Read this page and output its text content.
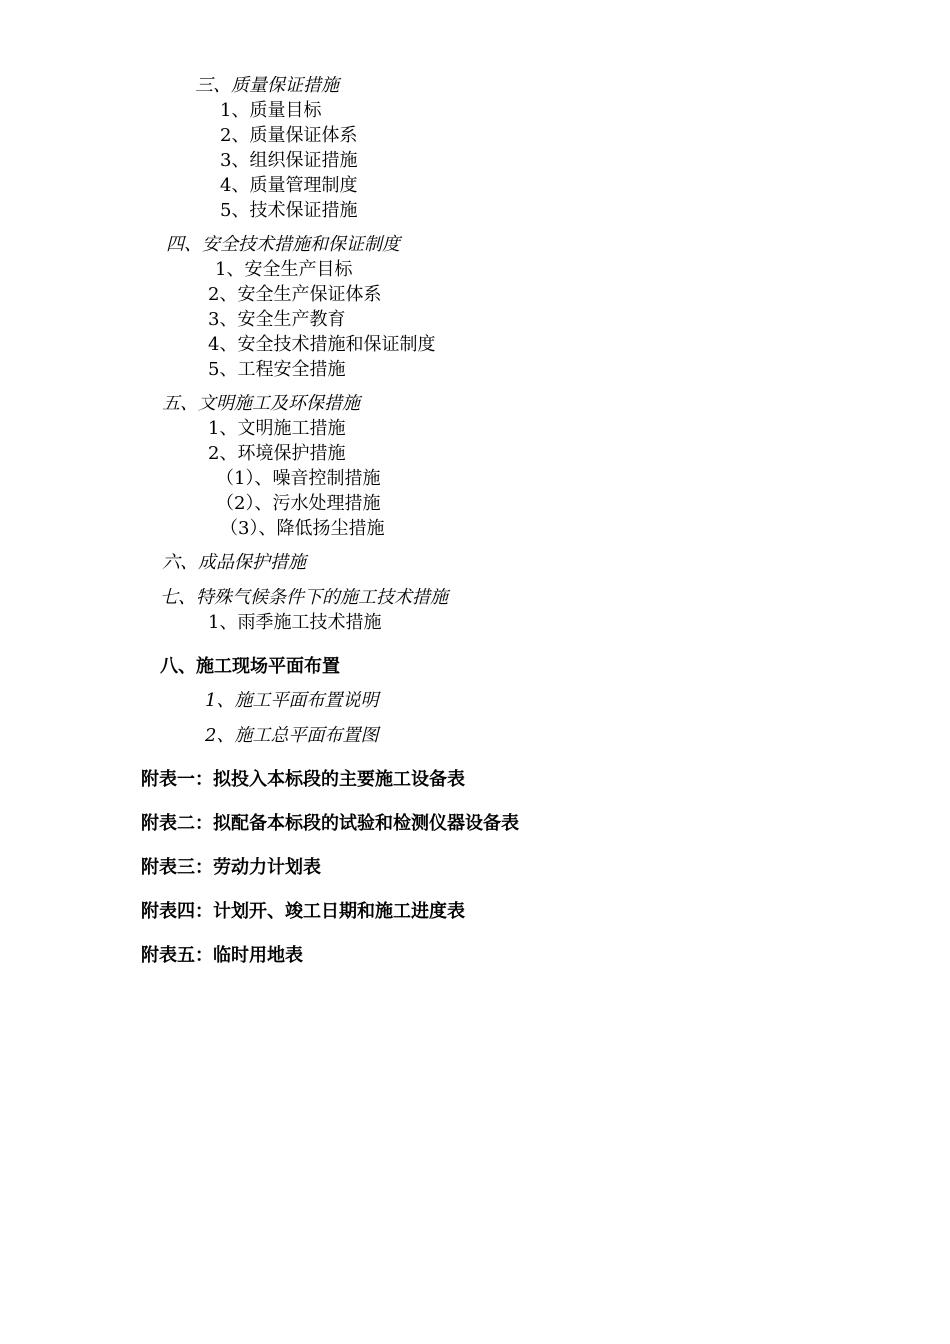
三、质量保证措施
1、质量目标
2、质量保证体系
3、组织保证措施
4、质量管理制度
5、技术保证措施
四、安全技术措施和保证制度
1、安全生产目标
2、安全生产保证体系
3、安全生产教育
4、安全技术措施和保证制度
5、工程安全措施
五、文明施工及环保措施
1、文明施工措施
2、环境保护措施
（1）、噪音控制措施
（2）、污水处理措施
（3）、降低扬尘措施
六、成品保护措施
七、特殊气候条件下的施工技术措施
1、雨季施工技术措施
八、施工现场平面布置
1、施工平面布置说明
2、施工总平面布置图
附表一：拟投入本标段的主要施工设备表
附表二：拟配备本标段的试验和检测仪器设备表
附表三：劳动力计划表
附表四：计划开、竣工日期和施工进度表
附表五：临时用地表
